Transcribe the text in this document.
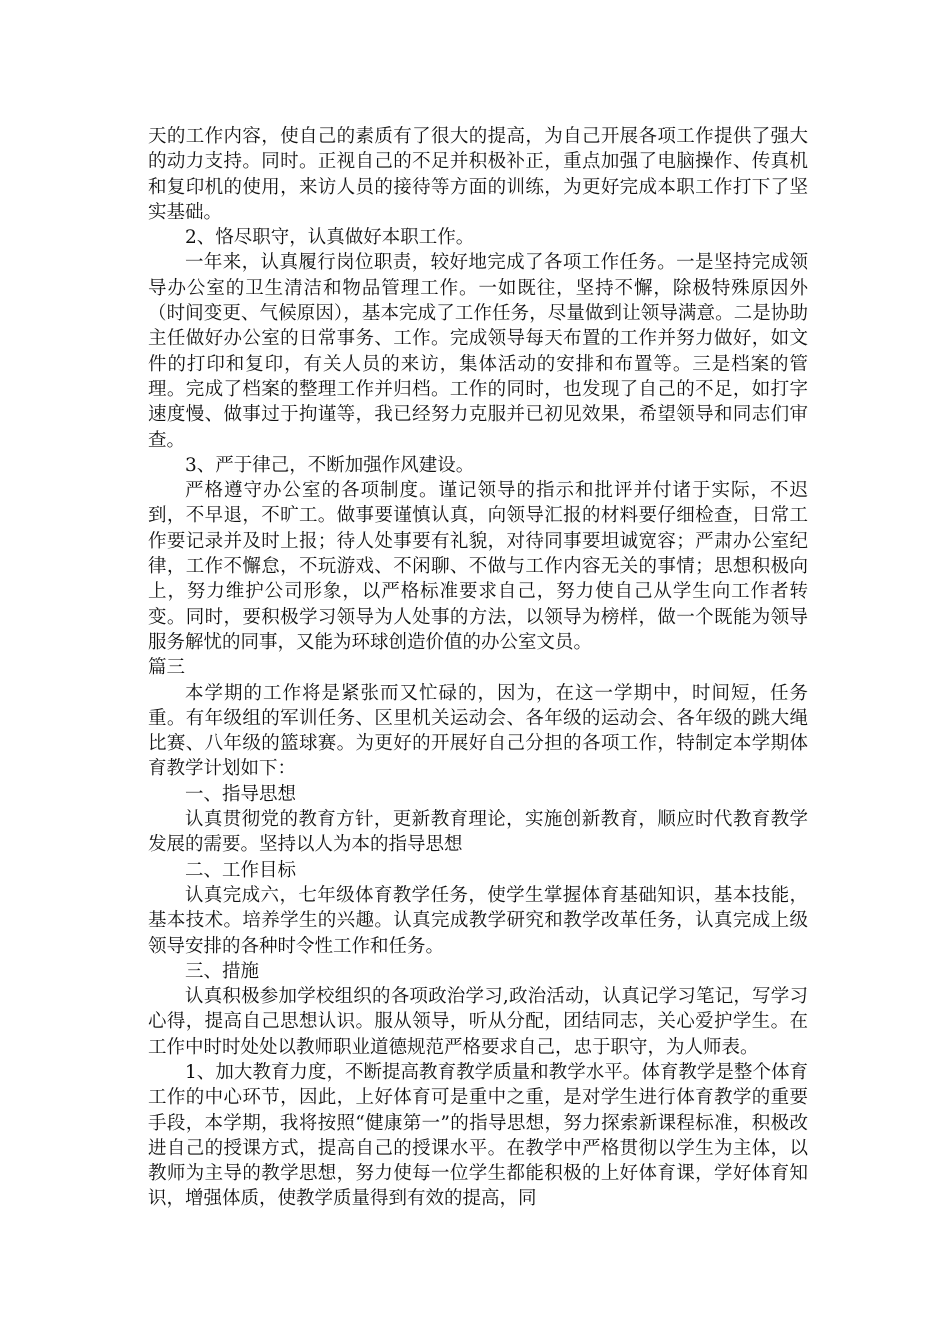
天的工作内容，使自己的素质有了很大的提高，为自己开展各项工作提供了强大的动力支持。同时。正视自己的不足并积极补正，重点加强了电脑操作、传真机和复印机的使用，来访人员的接待等方面的训练，为更好完成本职工作打下了坚实基础。

2、恪尽职守，认真做好本职工作。

一年来，认真履行岗位职责，较好地完成了各项工作任务。一是坚持完成领导办公室的卫生清洁和物品管理工作。一如既往，坚持不懈，除极特殊原因外（时间变更、气候原因），基本完成了工作任务，尽量做到让领导满意。二是协助主任做好办公室的日常事务、工作。完成领导每天布置的工作并努力做好，如文件的打印和复印，有关人员的来访，集体活动的安排和布置等。三是档案的管理。完成了档案的整理工作并归档。工作的同时，也发现了自己的不足，如打字速度慢、做事过于拘谨等，我已经努力克服并已初见效果，希望领导和同志们审查。

3、严于律己，不断加强作风建设。

严格遵守办公室的各项制度。谨记领导的指示和批评并付诸于实际，不迟到，不早退，不旷工。做事要谨慎认真，向领导汇报的材料要仔细检查，日常工作要记录并及时上报；待人处事要有礼貌，对待同事要坦诚宽容；严肃办公室纪律，工作不懈怠，不玩游戏、不闲聊、不做与工作内容无关的事情；思想积极向上，努力维护公司形象，以严格标准要求自己，努力使自己从学生向工作者转变。同时，要积极学习领导为人处事的方法，以领导为榜样，做一个既能为领导服务解忧的同事，又能为环球创造价值的办公室文员。

篇三

本学期的工作将是紧张而又忙碌的，因为，在这一学期中，时间短，任务重。有年级组的军训任务、区里机关运动会、各年级的运动会、各年级的跳大绳比赛、八年级的篮球赛。为更好的开展好自己分担的各项工作，特制定本学期体育教学计划如下：

一、指导思想

认真贯彻党的教育方针，更新教育理论，实施创新教育，顺应时代教育教学发展的需要。坚持以人为本的指导思想

二、工作目标

认真完成六，七年级体育教学任务，使学生掌握体育基础知识，基本技能，基本技术。培养学生的兴趣。认真完成教学研究和教学改革任务，认真完成上级领导安排的各种时令性工作和任务。

三、措施

认真积极参加学校组织的各项政治学习,政治活动，认真记学习笔记，写学习心得，提高自己思想认识。服从领导，听从分配，团结同志，关心爱护学生。在工作中时时处处以教师职业道德规范严格要求自己，忠于职守，为人师表。

1、加大教育力度，不断提高教育教学质量和教学水平。体育教学是整个体育工作的中心环节，因此，上好体育可是重中之重，是对学生进行体育教学的重要手段，本学期，我将按照“健康第一”的指导思想，努力探索新课程标准，积极改进自己的授课方式，提高自己的授课水平。在教学中严格贯彻以学生为主体，以教师为主导的教学思想，努力使每一位学生都能积极的上好体育课，学好体育知识，增强体质，使教学质量得到有效的提高，同
